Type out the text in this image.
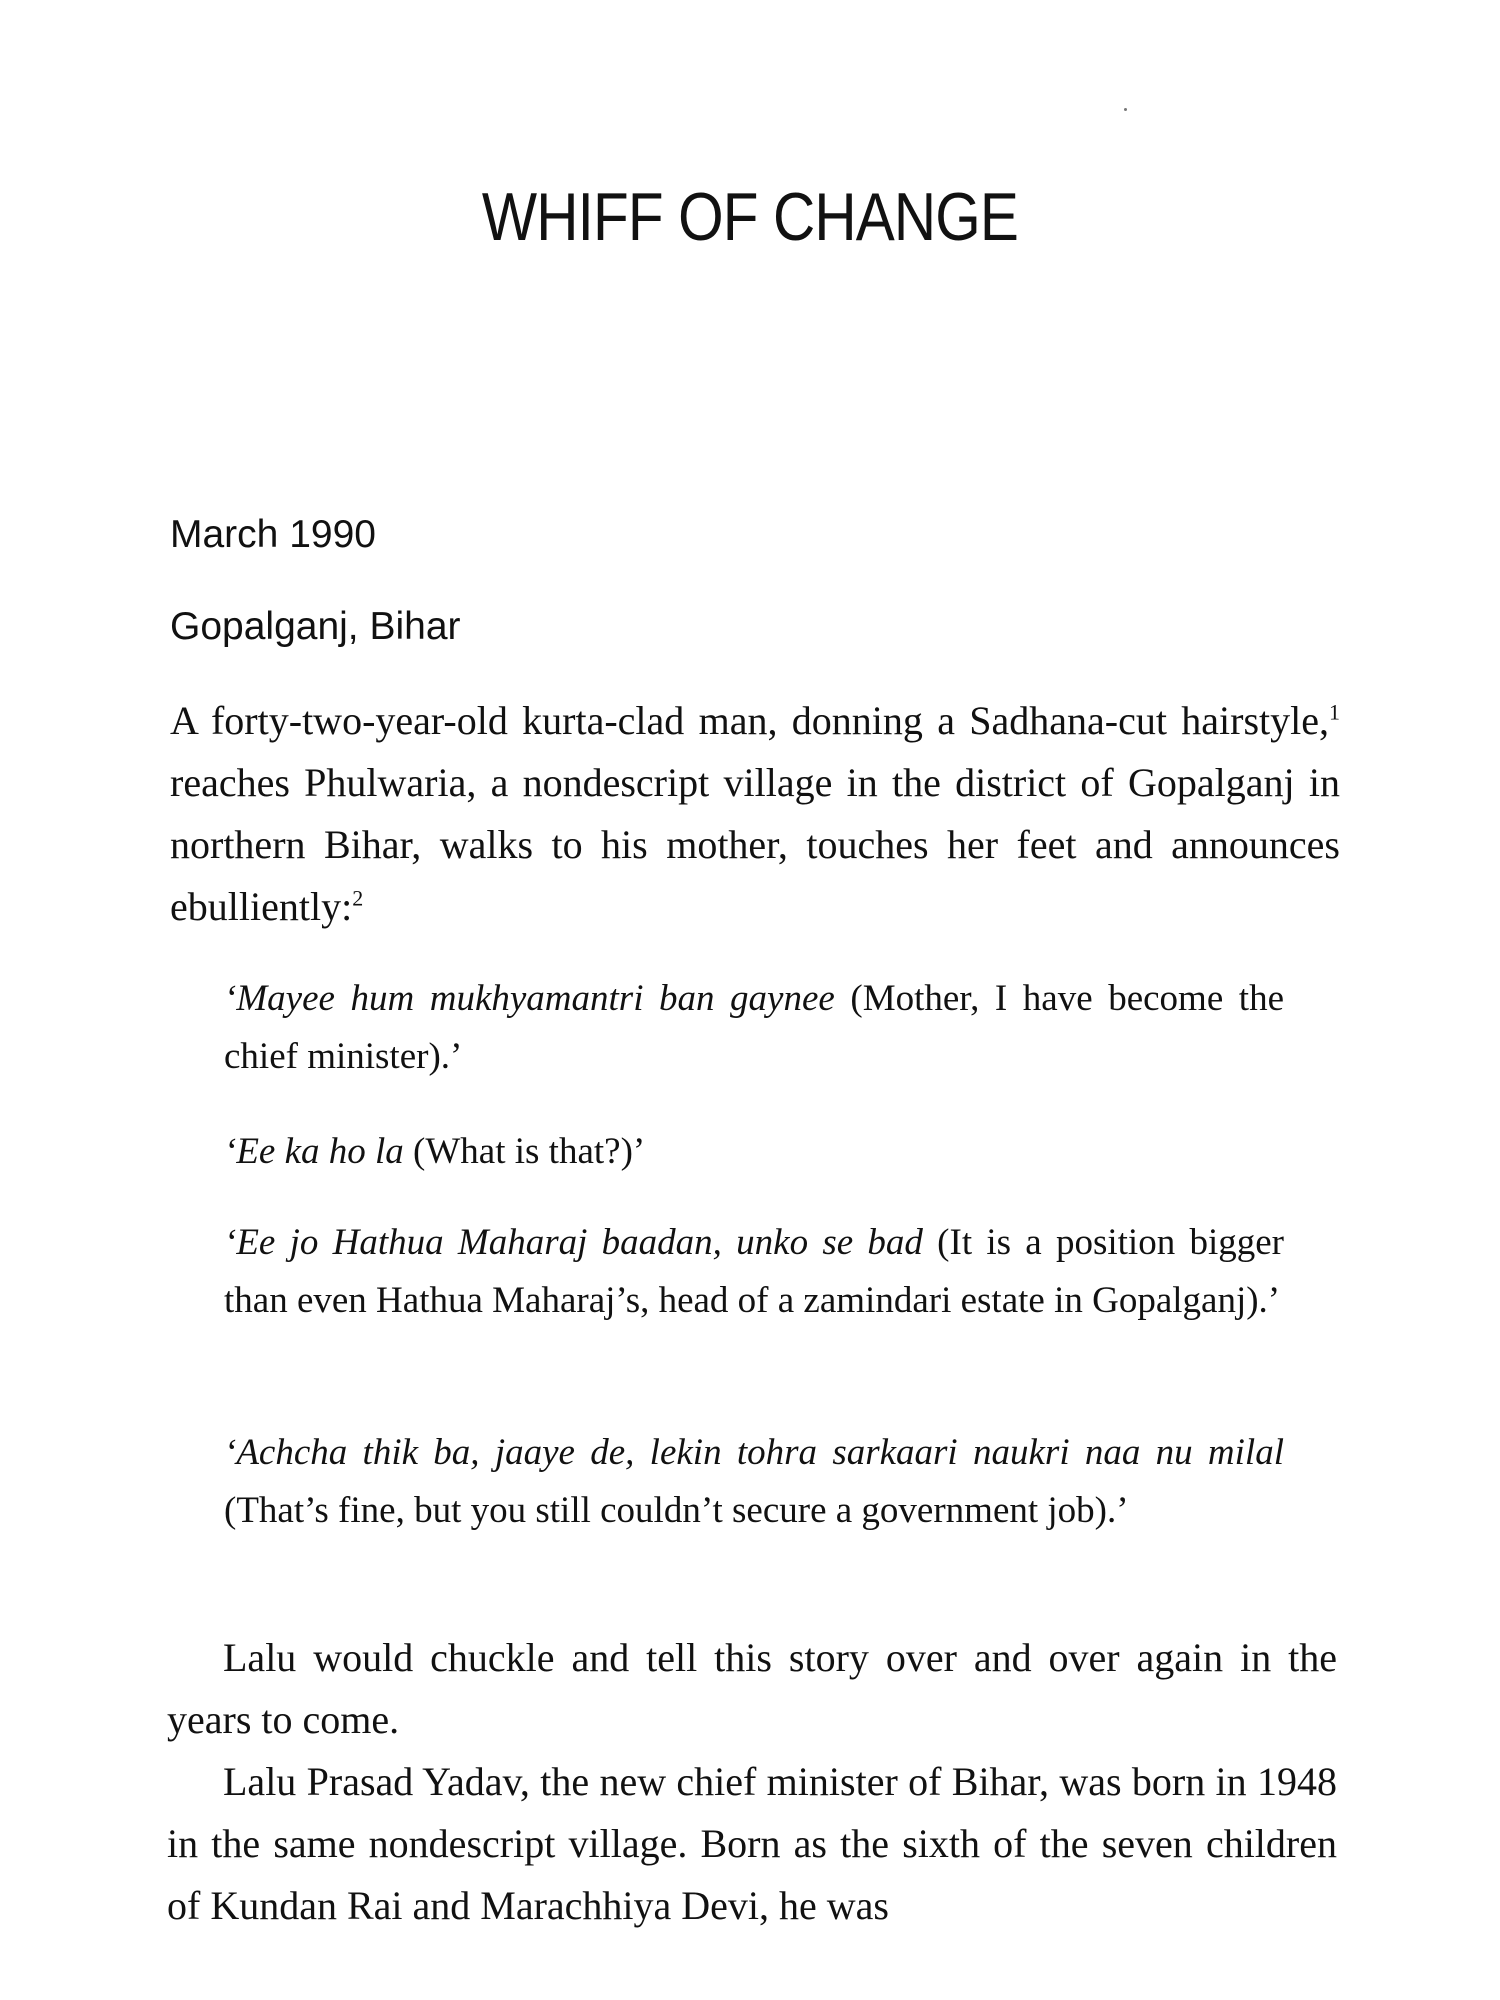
WHIFF OF CHANGE
March 1990
Gopalganj, Bihar

A forty-two-year-old kurta-clad man, donning a Sadhana-cut hairstyle,$^1$ reaches Phulwaria, a nondescript village in the district of Gopalganj in northern Bihar, walks to his mother, touches her feet and announces ebulliently:$^2$

‘Mayee hum mukhyamantri ban gaynee (Mother, I have become the chief minister).’

‘Ee ka ho la (What is that?)’

‘Ee jo Hathua Maharaj baadan, unko se bad (It is a position bigger than even Hathua Maharaj’s, head of a zamindari estate in Gopalganj).’

‘Achcha thik ba, jaaye de, lekin tohra sarkaari naukri naa nu milal (That’s fine, but you still couldn’t secure a government job).’

Lalu would chuckle and tell this story over and over again in the years to come.

Lalu Prasad Yadav, the new chief minister of Bihar, was born in 1948 in the same nondescript village. Born as the sixth of the seven children of Kundan Rai and Marachhiya Devi, he was
